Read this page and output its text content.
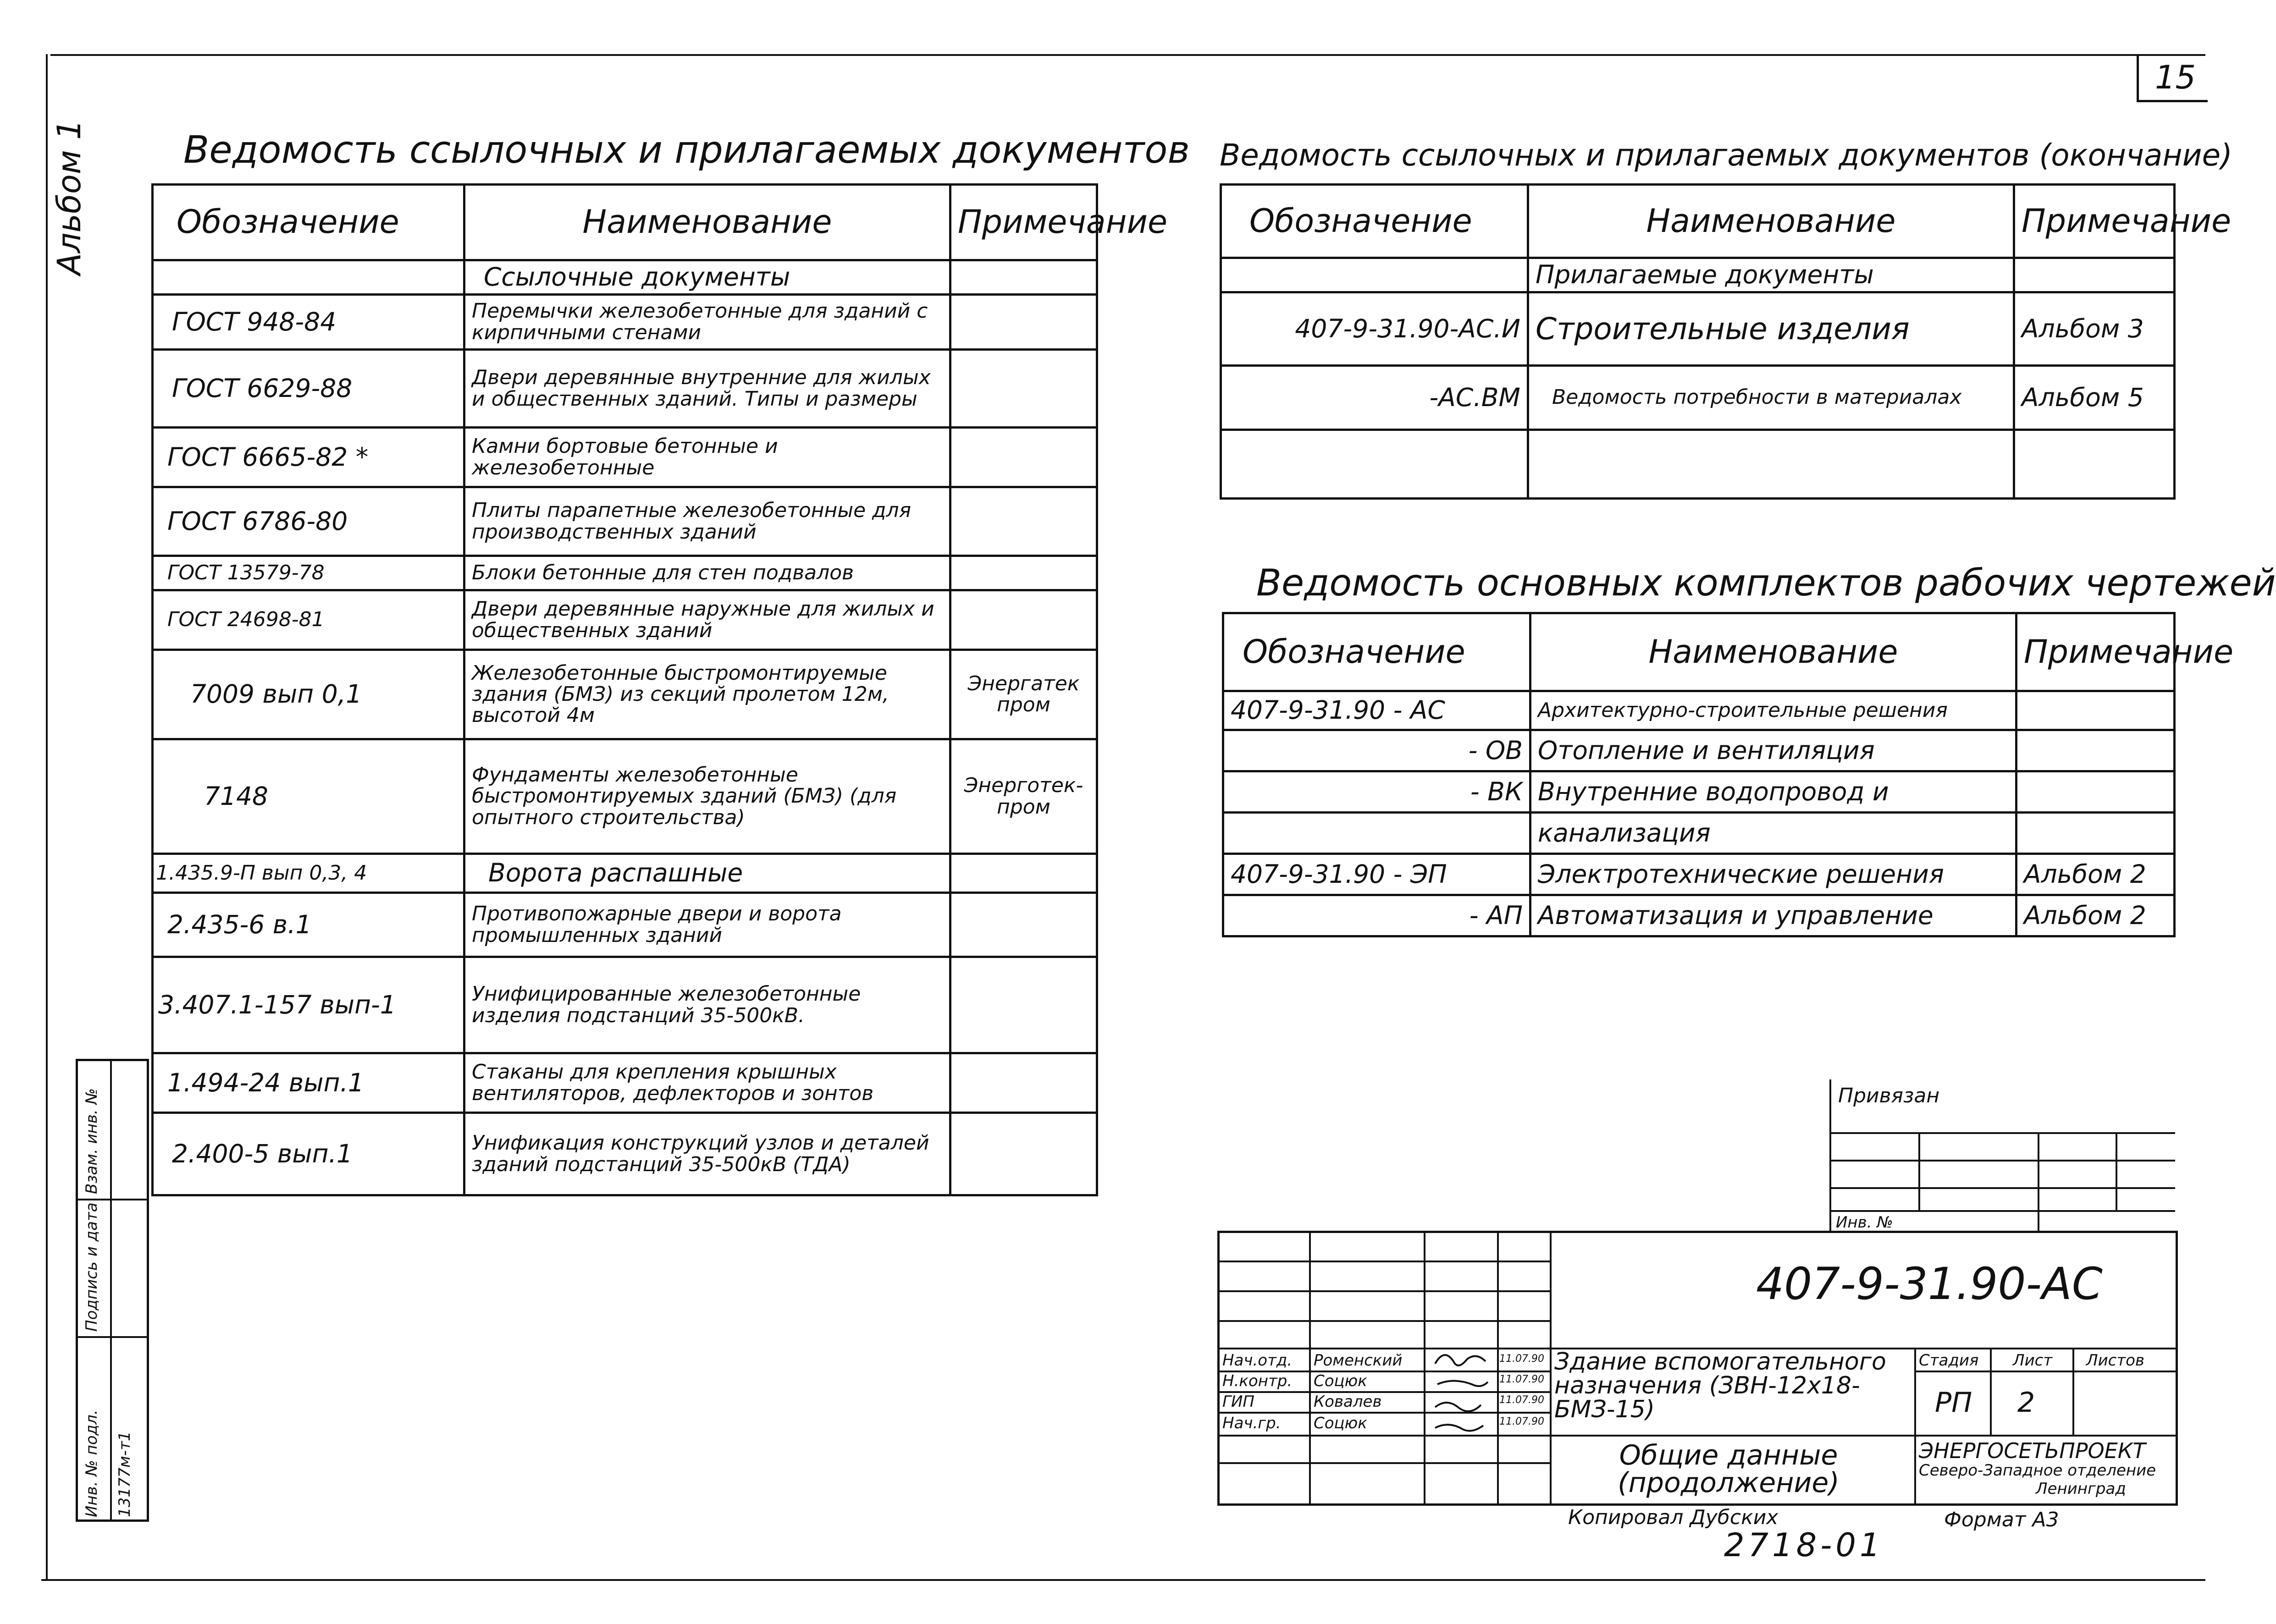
15
Альбом 1
Инв. № подл. 13177м-т1
Подпись и дата
Взам. инв. №
Ведомость ссылочных и прилагаемых документов
Обозначение	Наименование	Примечание
	Ссылочные документы	
ГОСТ 948-84	Перемычки железобетонные для зданий с кирпичными стенами	
ГОСТ 6629-88	Двери деревянные внутренние для жилых и общественных зданий. Типы и размеры	
ГОСТ 6665-82 *	Камни бортовые бетонные и железобетонные	
ГОСТ 6786-80	Плиты парапетные железобетонные для производственных зданий	
ГОСТ 13579-78	Блоки бетонные для стен подвалов	
ГОСТ 24698-81	Двери деревянные наружные для жилых и общественных зданий	
7009 вып 0,1	Железобетонные быстромонтируемые здания (БМЗ) из секций пролетом 12м, высотой 4м	Энергатек пром
7148	Фундаменты железобетонные быстромонтируемых зданий (БМЗ) (для опытного строительства)	Энерготек- пром
1.435.9-П вып 0,3, 4	Ворота распашные	
2.435-6 в.1	Противопожарные двери и ворота промышленных зданий	
3.407.1-157 вып-1	Унифицированные железобетонные изделия подстанций 35-500кВ.	
1.494-24 вып.1	Стаканы для крепления крышных вентиляторов, дефлекторов и зонтов	
2.400-5 вып.1	Унификация конструкций узлов и деталей зданий подстанций 35-500кВ (ТДА)	
Ведомость ссылочных и прилагаемых документов (окончание)
Обозначение	Наименование	Примечание
	Прилагаемые документы	
407-9-31.90-АС.И	Строительные изделия	Альбом 3
-АС.ВМ	Ведомость потребности в материалах	Альбом 5

Ведомость основных комплектов рабочих чертежей
Обозначение	Наименование	Примечание
407-9-31.90 - АС	Архитектурно-строительные решения	
- ОВ	Отопление и вентиляция	
- ВК	Внутренние водопровод и	
	канализация	
407-9-31.90 - ЭП	Электротехнические решения	Альбом 2
- АП	Автоматизация и управление	Альбом 2
Привязан
Инв. №
407-9-31.90-АС
Нач.отд. Роменский	11.07.90
Н.контр. Соцюк	11.07.90
ГИП	Ковалев	11.07.90
Нач.гр. Соцюк	11.07.90
Здание вспомогательного назначения (ЗВН-12х18-БМЗ-15)
Общие данные (продолжение)
Стадия Лист Листов
РП 2
ЭНЕРГОСЕТЬПРОЕКТ
Северо-Западное отделение
Ленинград
Копировал Дубских	Формат А3
2718-01
